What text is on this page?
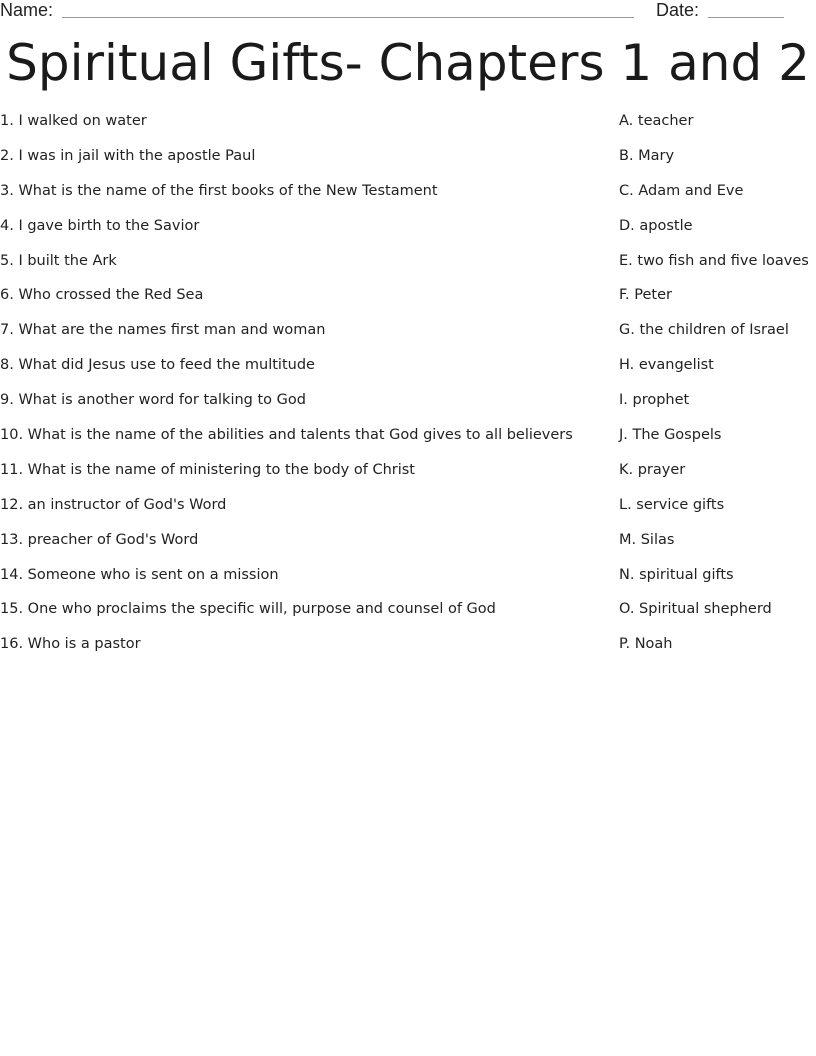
Name:	Date:
Spiritual Gifts- Chapters 1 and 2
1. I walked on water
2. I was in jail with the apostle Paul
3. What is the name of the first books of the New Testament
4. I gave birth to the Savior
5. I built the Ark
6. Who crossed the Red Sea
7. What are the names first man and woman
8. What did Jesus use to feed the multitude
9. What is another word for talking to God
10. What is the name of the abilities and talents that God gives to all believers
11. What is the name of ministering to the body of Christ
12. an instructor of God's Word
13. preacher of God's Word
14. Someone who is sent on a mission
15. One who proclaims the specific will, purpose and counsel of God
16. Who is a pastor
A. teacher
B. Mary
C. Adam and Eve
D. apostle
E. two fish and five loaves
F. Peter
G. the children of Israel
H. evangelist
I. prophet
J. The Gospels
K. prayer
L. service gifts
M. Silas
N. spiritual gifts
O. Spiritual shepherd
P. Noah
